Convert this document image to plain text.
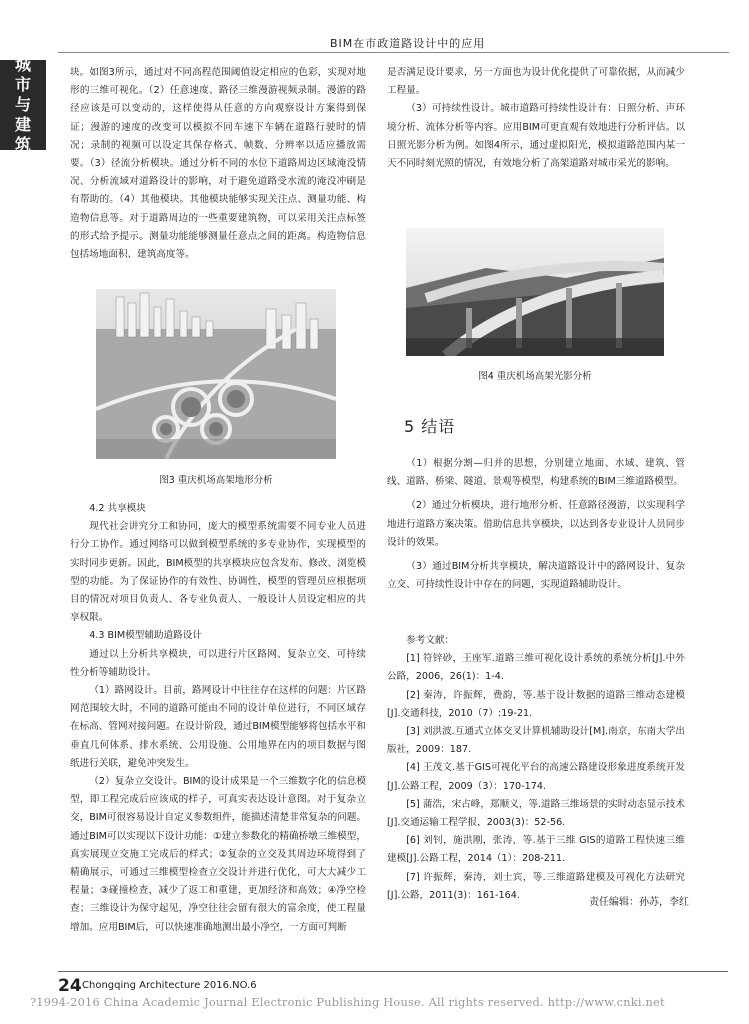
BIM在市政道路设计中的应用
城
市
与
建
筑

块。如图3所示，通过对不同高程范围阈值设定相应的色彩，实现对地形的三维可视化。（2）任意速度、路径三维漫游视频录制。漫游的路径应该是可以变动的，这样使得从任意的方向观察设计方案得到保证；漫游的速度的改变可以模拟不同车速下车辆在道路行驶时的情况；录制的视频可以设定其保存格式、帧数、分辨率以适应播放需要。（3）径流分析模块。通过分析不同的水位下道路周边区域淹没情况、分析流域对道路设计的影响，对于避免道路受水流的淹没冲刷是有帮助的。（4）其他模块。其他模块能够实现关注点、测量功能、构造物信息等。对于道路周边的一些重要建筑物，可以采用关注点标签的形式给予提示。测量功能能够测量任意点之间的距离。构造物信息包括场地面积、建筑高度等。

图3 重庆机场高架地形分析

4.2 共享模块

现代社会讲究分工和协同，庞大的模型系统需要不同专业人员进行分工协作。通过网络可以做到模型系统的多专业协作，实现模型的实时同步更新。因此，BIM模型的共享模块应包含发布、修改、浏览模型的功能。为了保证协作的有效性、协调性，模型的管理员应根据项目的情况对项目负责人、各专业负责人、一般设计人员设定相应的共享权限。

4.3 BIM模型辅助道路设计

通过以上分析共享模块，可以进行片区路网、复杂立交、可持续性分析等辅助设计。

（1）路网设计。目前，路网设计中往往存在这样的问题：片区路网范围较大时，不同的道路可能由不同的设计单位进行，不同区域存在标高、管网对接问题。在设计阶段，通过BIM模型能够将包括水平和垂直几何体系、排水系统、公用设施、公用地界在内的项目数据与图纸进行关联，避免冲突发生。

（2）复杂立交设计。BIM的设计成果是一个三维数字化的信息模型，即工程完成后应该成的样子，可真实表达设计意图。对于复杂立交，BIM可很容易设计自定义参数组件，能描述清楚非常复杂的问题。通过BIM可以实现以下设计功能：①建立参数化的精确桥墩三维模型，真实展现立交施工完成后的样式；②复杂的立交及其周边环境得到了精确展示，可通过三维模型检查立交设计并进行优化，可大大减少工程量；③碰撞检查，减少了返工和重建，更加经济和高效；④净空检查；三维设计为保守起见，净空往往会留有很大的富余度，使工程量增加。应用BIM后，可以快速准确地测出最小净空，一方面可判断

是否满足设计要求，另一方面也为设计优化提供了可靠依据，从而减少工程量。

（3）可持续性设计。城市道路可持续性设计有：日照分析、声环境分析、流体分析等内容。应用BIM可更直观有效地进行分析评估。以日照光影分析为例。如图4所示，通过虚拟阳光，模拟道路范围内某一天不同时刻光照的情况，有效地分析了高架道路对城市采光的影响。

图4 重庆机场高架光影分析
5 结语

（1）根据分割—归并的思想，分别建立地面、水域、建筑、管线、道路、桥梁、隧道、景观等模型，构建系统的BIM三维道路模型。

（2）通过分析模块，进行地形分析、任意路径漫游，以实现科学地进行道路方案决策。借助信息共享模块，以达到各专业设计人员同步设计的效果。

（3）通过BIM分析共享模块，解决道路设计中的路网设计、复杂立交、可持续性设计中存在的问题，实现道路辅助设计。

参考文献：

[1] 符锌砂，王座军.道路三维可视化设计系统的系统分析[J].中外公路，2006，26(1)：1-4.

[2] 秦涛，许振辉，费韵，等.基于设计数据的道路三维动态建模[J].交通科技，2010（7）:19-21.

[3] 刘洪波.互通式立体交叉计算机辅助设计[M].南京，东南大学出版社，2009：187.

[4] 王茂文.基于GIS可视化平台的高速公路建设形象进度系统开发[J].公路工程，2009（3）：170-174.

[5] 蒲浩，宋占峰，郑顺义，等.道路三维场景的实时动态显示技术[J].交通运输工程学报，2003(3)：52-56.

[6] 刘钊，施洪刚，张涛，等.基于三维 GIS的道路工程快速三维建模[J].公路工程，2014（1）：208-211.

[7] 许振辉，秦涛，刘士宾，等.三维道路建模及可视化方法研究[J].公路，2011(3)：161-164.

责任编辑：孙苏，李红
24 Chongqing Architecture 2016.NO.6
?1994-2016 China Academic Journal Electronic Publishing House. All rights reserved. http://www.cnki.net
